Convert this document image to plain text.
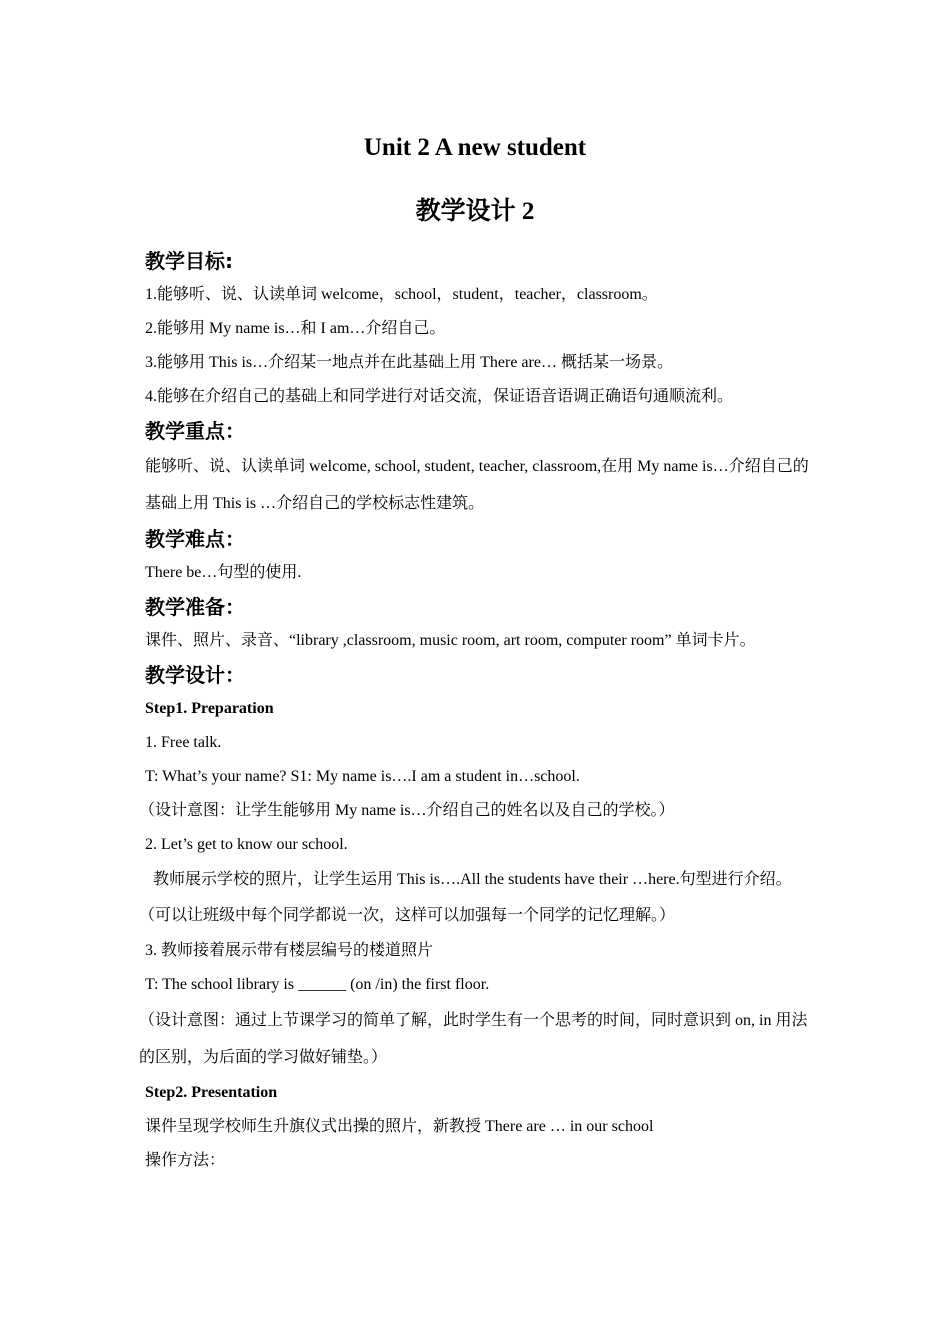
Unit 2 A new student
教学设计 2

教学目标:

1.能够听、说、认读单词 welcome，school，student，teacher，classroom。

2.能够用 My name is…和 I am…介绍自己。

3.能够用 This is…介绍某一地点并在此基础上用 There are… 概括某一场景。

4.能够在介绍自己的基础上和同学进行对话交流，保证语音语调正确语句通顺流利。

教学重点：

能够听、说、认读单词 welcome, school, student, teacher, classroom,在用 My name is…介绍自己的基础上用 This is …介绍自己的学校标志性建筑。

教学难点：

There be…句型的使用.

教学准备：

课件、照片、录音、“library ,classroom, music room, art room, computer room” 单词卡片。

教学设计：

Step1. Preparation

1. Free talk.

T: What’s your name? S1: My name is….I am a student in…school.

（设计意图：让学生能够用 My name is…介绍自己的姓名以及自己的学校。）

2. Let’s get to know our school.

教师展示学校的照片，让学生运用 This is….All the students have their …here.句型进行介绍。

（可以让班级中每个同学都说一次，这样可以加强每一个同学的记忆理解。）

3. 教师接着展示带有楼层编号的楼道照片

T: The school library is ______ (on /in) the first floor.

（设计意图：通过上节课学习的简单了解，此时学生有一个思考的时间，同时意识到 on, in 用法的区别，为后面的学习做好铺垫。）

Step2. Presentation

课件呈现学校师生升旗仪式出操的照片，新教授 There are … in our school

操作方法：
